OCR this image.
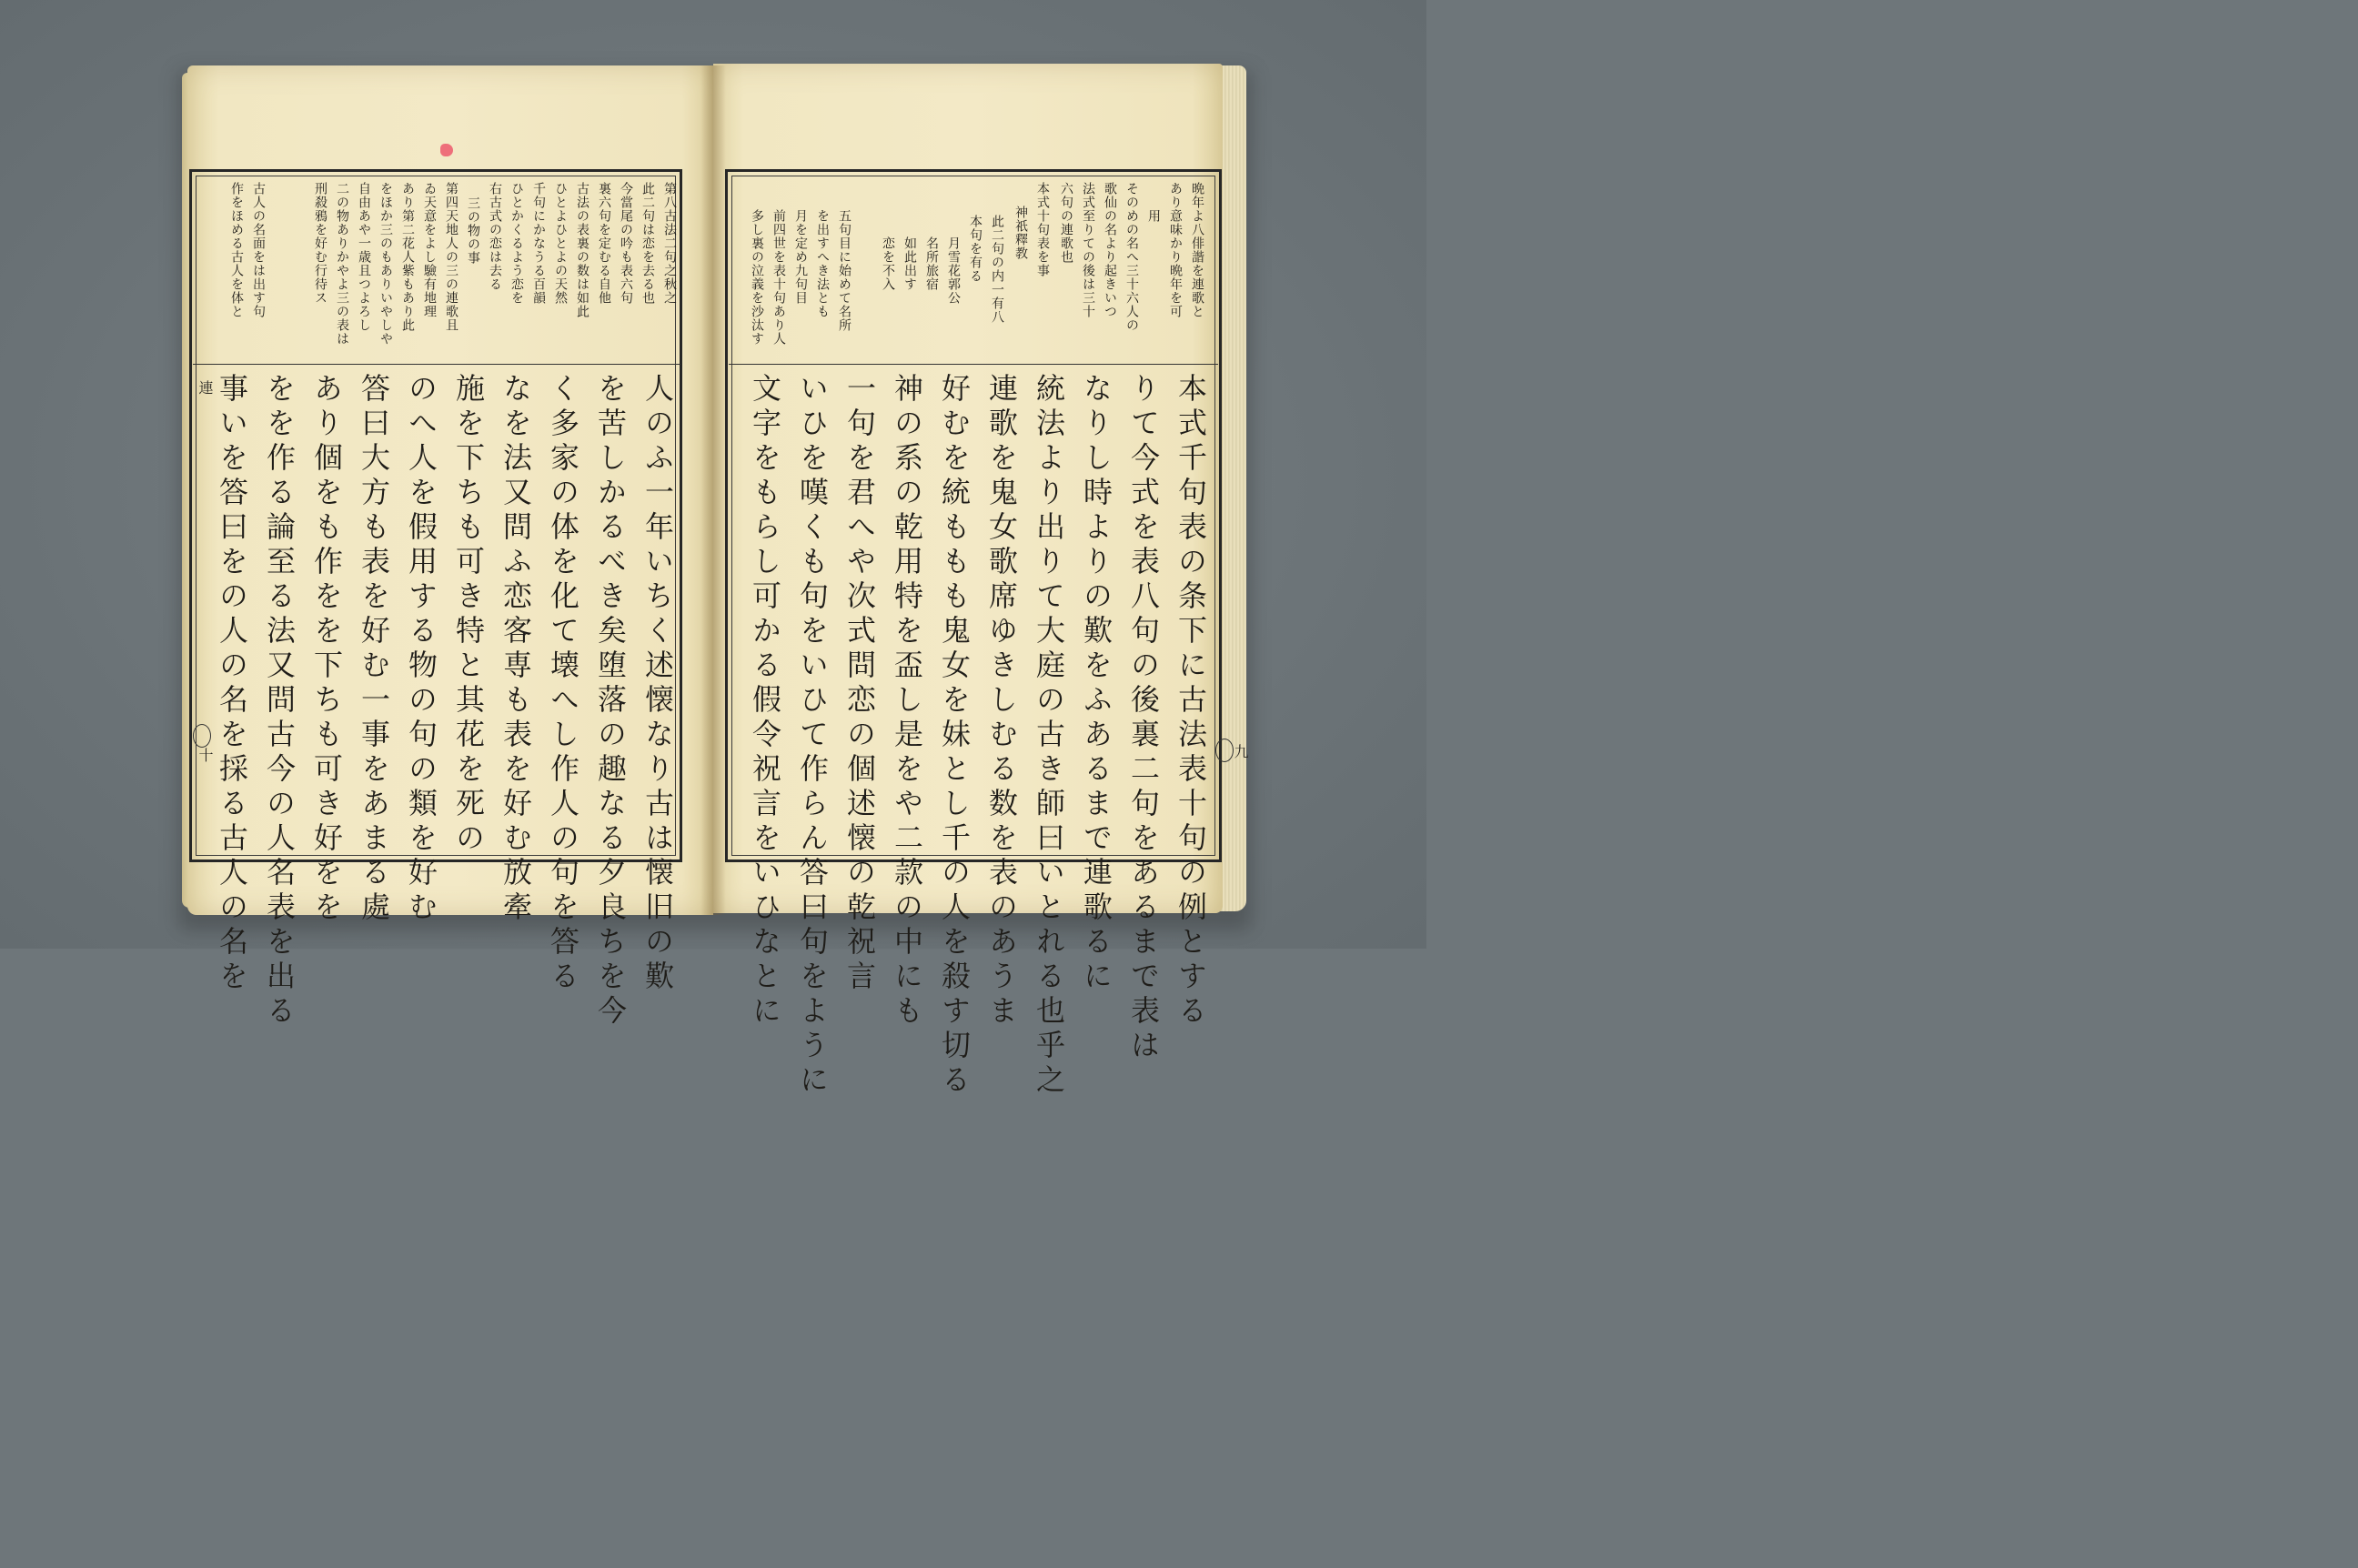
第八古法二句之秋之
此二句は恋を去る也
今當尾の吟も表六句
裏六句を定むる自他
古法の表裏の数は如此
ひとよひとよの天然
千句にかなうる百韻
ひとかくるよう恋を
右古式の恋は去る
三の物の事
第四天地人の三の連歌且
ゐ天意をよし驗有地理
あり第二花人紫もあり此
をほか三のもありいやしや
自由あや一歳且つよろし
二の物ありかやよ三の表は
刑殺鴉を好む行待ス
古人の名面をは出す句
作をほめる古人を体と
人のふ一年いちく述懐なり古は懐旧の歎
を苦しかるべき矣堕落の趣なる夕良ちを今
く多家の体を化て壊へし作人の句を答る
なを法又問ふ恋客専も表を好む放牽
施を下ちも可き特と其花を死の
のへ人を假用する物の句の類を好む
答曰大方も表を好む一事をあまる處
あり個をも作をを下ちも可き好をを
をを作る論至る法又問古今の人名表を出る
事いを答曰をの人の名を採る古人の名を
連
十
晩年よ八俳諧を連歌と
あり意味かり晩年を可
用
そのめの名へ三十六人の
歌仙の名より起きいつ
法式至りての後は三十
六句の連歌也
本式十句表を事
神祇釋教
此二句の内一有八
本句を有る
月雪花郭公
名所旅宿
如此出す
恋を不入
五句目に始めて名所
を出すへき法とも
月を定め九句目
前四世を表十句あり人
多し裏の泣義を沙汰す
本式千句表の条下に古法表十句の例とする
りて今式を表八句の後裏二句をあるまで表は
なりし時よりの歎をふあるまで連歌るに
統法より出りて大庭の古き師曰いとれる也乎之
連歌を鬼女歌席ゆきしむる数を表のあうま
好むを統ももも鬼女を妹とし千の人を殺す切る
神の系の乾用特を盃し是をや二款の中にも
一句を君へや次式問恋の個述懐の乾祝言
いひを嘆くも句をいひて作らん答曰句をように
文字をもらし可かる假令祝言をいひなとに	九
